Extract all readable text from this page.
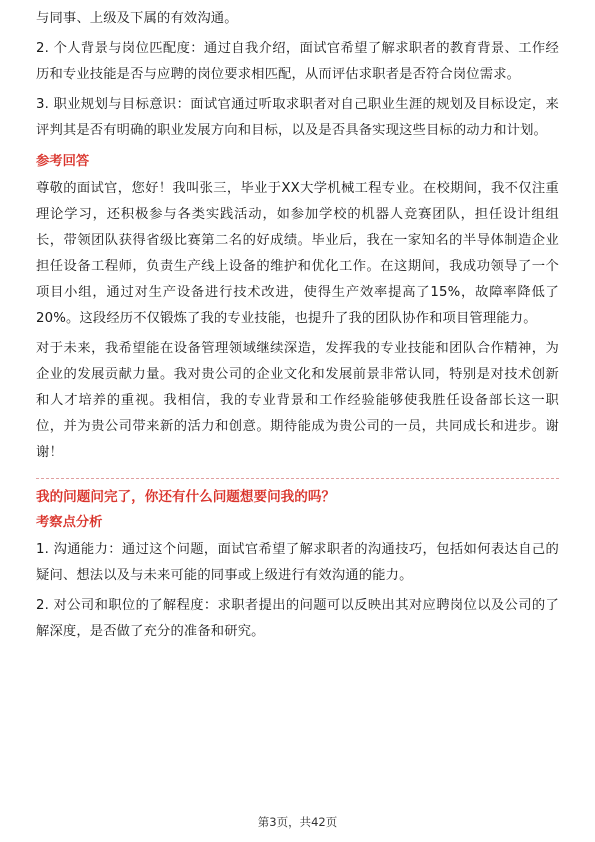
与同事、上级及下属的有效沟通。

2. 个人背景与岗位匹配度：通过自我介绍，面试官希望了解求职者的教育背景、工作经历和专业技能是否与应聘的岗位要求相匹配，从而评估求职者是否符合岗位需求。

3. 职业规划与目标意识：面试官通过听取求职者对自己职业生涯的规划及目标设定，来评判其是否有明确的职业发展方向和目标，以及是否具备实现这些目标的动力和计划。

参考回答

尊敬的面试官，您好！我叫张三，毕业于XX大学机械工程专业。在校期间，我不仅注重理论学习，还积极参与各类实践活动，如参加学校的机器人竞赛团队，担任设计组组长，带领团队获得省级比赛第二名的好成绩。毕业后，我在一家知名的半导体制造企业担任设备工程师，负责生产线上设备的维护和优化工作。在这期间，我成功领导了一个项目小组，通过对生产设备进行技术改进，使得生产效率提高了15%，故障率降低了20%。这段经历不仅锻炼了我的专业技能，也提升了我的团队协作和项目管理能力。

对于未来，我希望能在设备管理领域继续深造，发挥我的专业技能和团队合作精神，为企业的发展贡献力量。我对贵公司的企业文化和发展前景非常认同，特别是对技术创新和人才培养的重视。我相信，我的专业背景和工作经验能够使我胜任设备部长这一职位，并为贵公司带来新的活力和创意。期待能成为贵公司的一员，共同成长和进步。谢谢！

我的问题问完了，你还有什么问题想要问我的吗？
考察点分析

1. 沟通能力：通过这个问题，面试官希望了解求职者的沟通技巧，包括如何表达自己的疑问、想法以及与未来可能的同事或上级进行有效沟通的能力。

2. 对公司和职位的了解程度：求职者提出的问题可以反映出其对应聘岗位以及公司的了解深度，是否做了充分的准备和研究。

第3页，共42页
